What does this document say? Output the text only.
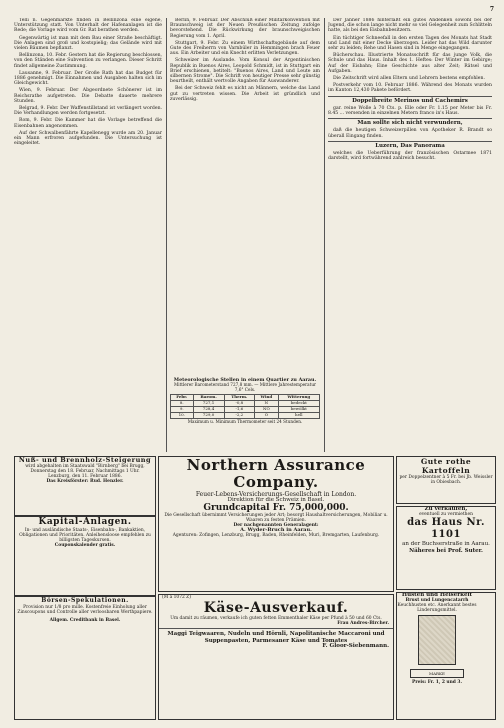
7

Telli n. Gegenmärkte finden in Bellinzona eine eigene, Unterstützung statt. Von Unterhalt der Hafenanlagen ist die Rede; die Vorlage wird vom Gr. Rat berathen werden.

Gegenwärtig ist man mit dem Bau einer Straße beschäftigt. Die Anlagen sind groß und kostspielig; das Gelände wird mit vielen Bäumen bepflanzt.

Bellinzona, 10. Febr. Gestern hat die Regierung beschlossen, von den Ständen eine Subvention zu verlangen. Dieser Schritt findet allgemeine Zustimmung.

Lausanne, 9. Februar. Der Große Rath hat das Budget für 1886 genehmigt. Die Einnahmen und Ausgaben halten sich im Gleichgewicht.

Wien, 9. Februar. Der Abgeordnete Schönerer ist im Reichsrathe aufgetreten. Die Debatte dauerte mehrere Stunden.

Belgrad, 9. Febr. Der Waffenstillstand ist verlängert worden. Die Verhandlungen werden fortgesetzt.

Rom, 9. Febr. Die Kammer hat die Vorlage betreffend die Eisenbahnen angenommen.

Auf der Schwalbenfährte Kapellenegg wurde am 20. Januar ein Mann erfroren aufgefunden. Die Untersuchung ist eingeleitet.

Berlin, 9. Februar. Der Abschluß einer Militärkonvention mit Braunschweig ist der Neuen Preußischen Zeitung zufolge bevorstehend. Die Rückwirkung der braunschweigischen Regierung vom 1. April.

Stuttgart, 9. Febr. Zu einem Wirthschaftsgebäude auf dem Gute des Freiherrn von Varnbüler in Hemmingen brach Feuer aus. Ein Arbeiter und ein Knecht erlitten Verletzungen.

Schweizer im Auslande. Vom Konsul der Argentinischen Republik in Buenos Aires, Leopold Schmidt, ist in Stuttgart ein Brief erschienen, betitelt: "Buenos Aires, Land und Leute am silbernen Strome". Die Schrift von heutiger Presse sehr günstig beurtheilt, enthält wertvolle Angaben für Auswanderer.

Bei der Schweiz fehlt es nicht an Männern, welche das Land gut zu vertreten wissen. Die Arbeit ist gründlich und zuverlässig.

Meteorologische Stellen in einem Quartier zu Aarau.
Mittlerer Barometerstand 727,8 mm. — Mittlere Jahrestemperatur 7,6° Cels.
Febr.	Barom.	Therm.	Wind	Witterung
8.	727,1	-0,8	N	bedeckt
9.	728,4	-1,6	NO	bewölkt
10.	729,0	-2,2	O	hell
Maximum u. Minimum Thermometer seit 24 Stunden.

Der Jänner 1886 hinterläßt ein gutes Andenken sowohl bei der Jugend, die schon lange nicht mehr so viel Gelegenheit zum Schlitteln hatte, als bei den Eisbahnbesitzern.

Ein tüchtiger Schneefall in den ersten Tagen des Monats hat Stadt und Land mit einer Decke überzogen. Leider hat das Wild darunter sehr zu leiden; Rehe und Hasen sind in Menge eingegangen.

Bücherschau. Illustrierte Monatsschrift für das junge Volk, die Schule und das Haus. Inhalt des 1. Heftes: Der Winter im Gebirge; Auf der Eisbahn; Eine Geschichte aus alter Zeit; Rätsel und Aufgaben.

Die Zeitschrift wird allen Eltern und Lehrern bestens empfohlen.

Postverkehr vom 10. Februar 1886. Während des Monats wurden im Kanton 12,430 Pakete befördert.

Doppelbreite Merinos und Cachemirs

gar. reine Wolle à 70 Cts. p. Elle oder Fr. 1.15 per Meter bis Fr. 8.45 ... versenden in einzelnen Metern franco in's Haus.

Man sollte sich nicht verwundern,

daß die heutigen Schweizerpillen von Apotheker R. Brandt so überall Eingang finden.

Luzern, Das Panorama

welches die Ueberführung der französischen Ostarmee 1871 darstellt, wird fortwährend zahlreich besucht.

Nuß- und Brennholz-Steigerung
wird abgehalten im Staatswald "Birnberg" bei Brugg, Donnerstag den 18. Februar, Nachmittags 1 Uhr.
Lenzburg, den 11. Februar 1886.
Das Kreisförster: Rud. Henzler.
Kapital-Anlagen.
In- und ausländische Staats-, Eisenbahn-, Bankaktien, Obligationen und Prioritäten. Anleihensloose empfehlen zu billigsten Tageskursen.
Couponskalender gratis.
Börsen-Spekulationen.
Provision nur 1/8 pro mille. Kostenfreie Einholung aller Zinscoupons und Controlle aller verloosbaren Werthpapiere.
Allgem. Creditbank in Basel.
Northern Assurance Company.
Feuer-Lebens-Versicherungs-Gesellschaft in London.
Direktion für die Schweiz in Basel.
Grundcapital Fr. 75,000,000.
Die Gesellschaft übernimmt Versicherungen jeder Art; besorgt Haushaltversicherungen, Mobiliar u. Waaren zu festen Prämien.
Der nachgenannten Generalagent:
A. Wyder-Bruch in Aarau.
Agenturen: Zofingen, Lenzburg, Brugg, Baden, Rheinfelden, Muri, Bremgarten, Laufenburg.
(M à 1072 Z)
Käse-Ausverkauf.
Um damit zu räumen, verkaufe ich guten fetten Emmenthaler Käse per Pfund à 50 und 60 Cts.
Frau Andres-Bircher.
Maggi Teigwaaren, Nudeln und Hörnli, Napolitanische Maccaroni und Suppenpasten, Parmesaner Käse und Tomates
F. Gloor-Siebenmann.
Gute rothe Kartoffeln
per Doppelzentner à 5 Fr. bei Jb. Weissler in Obiesbach.
Zu verkaufen,
eventuell zu vermiethen
das Haus Nr. 1101
an der Buchserstraße in Aarau.
Näheres bei Prof. Suter.
Husten und Heiserkeit
Brust und Lungencatarrh
Keuchhusten etc. Anerkannt bestes Linderungsmittel.
MARKE
Preis: Fr. 1, 2 und 3.
